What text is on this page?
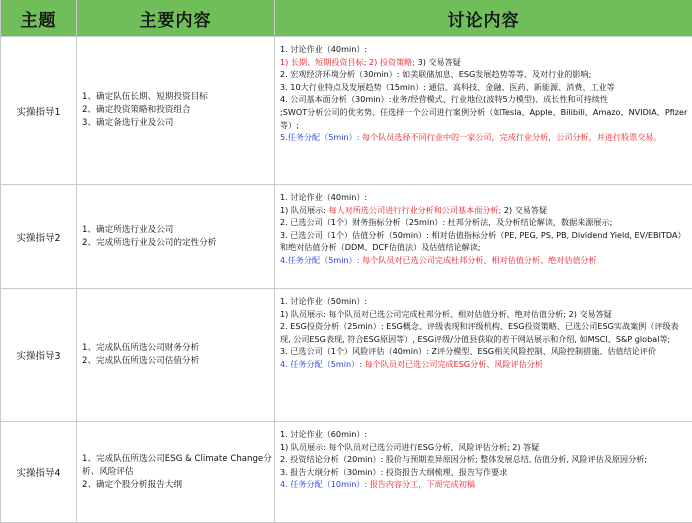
主题	主要内容	讨论内容
实操指导1
1、确定队伍长期、短期投资目标
2、确定投资策略和投资组合
3、确定备选行业及公司
1. 讨论作业（40min）:
1) 长期、短期投资目标; 2) 投资策略; 3) 交易答疑
2. 宏观经济环境分析（30min）: 如美联储加息、ESG发展趋势等等、及对行业的影响;
3. 10大行业特点及发展趋势（15min）: 通信、高科技、金融、医药、新能源、消费、工业等
4. 公司基本面分析（30min）:业务/经营模式、行业地位(波特5力模型)、成长性和可持续性
;SWOT分析公司的优劣势、任选择一个公司进行案例分析（如Tesla、Apple、Bilibili、Amazo、NVIDIA、Pfizer等）;
5.任务分配（5min）: 每个队员选择不同行业中的一家公司，完成行业分析，公司分析，并进行股票交易。
实操指导2
1、确定所选行业及公司
2、完成所选行业及公司的定性分析
1. 讨论作业（40min）:
1) 队员展示: 每人对所选公司进行行业分析和公司基本面分析; 2) 交易答疑
2. 已选公司（1个）财务指标分析（25min）: 杜邦分析法，及分析结论解读，数据来源展示;
3. 已选公司（1个）估值分析（50min）: 相对估值指标分析（PE, PEG, PS, PB, Dividend Yield, EV/EBITDA）和绝对估值分析（DDM、DCF估值法）及估值结论解读;
4.任务分配（5min）: 每个队员对已选公司完成杜邦分析、相对估值分析、绝对估值分析
实操指导3
1、完成队伍所选公司财务分析
2、完成队伍所选公司估值分析
1. 讨论作业（50min）:
1) 队员展示: 每个队员对已选公司完成杜邦分析、相对估值分析、绝对估值分析; 2) 交易答疑
2. ESG投资分析（25min）: ESG概念、评级表现和评级机构、ESG投资策略、已选公司ESG实战案例（评级表现, 公司ESG表现, 符合ESG原因等）, ESG评级/分值县获取的若干网站展示和介绍, 如MSCI、S&P global等;
3. 已选公司（1个）风险评估（40min）: Z评分模型、ESG相关风险控制、风险控制措施、估值结论评价
4. 任务分配（5min）: 每个队员对已选公司完成ESG分析、风险评估分析
实操指导4
1、完成队伍所选公司ESG & Climate Change分析、风险评估
2、确定个股分析报告大纲
1. 讨论作业（60min）:
1) 队员展示: 每个队员对已选公司进行ESG分析、风险评估分析; 2) 答疑
2. 投资结论分析（20min）: 股价与预期差异原因分析; 整体发展总结, 估值分析, 风险评估及原因分析;
3. 报告大纲分析（30min）: 投资报告大纲梳理、报告写作要求
4. 任务分配（10min）: 报告内容分工，下周完成初稿
